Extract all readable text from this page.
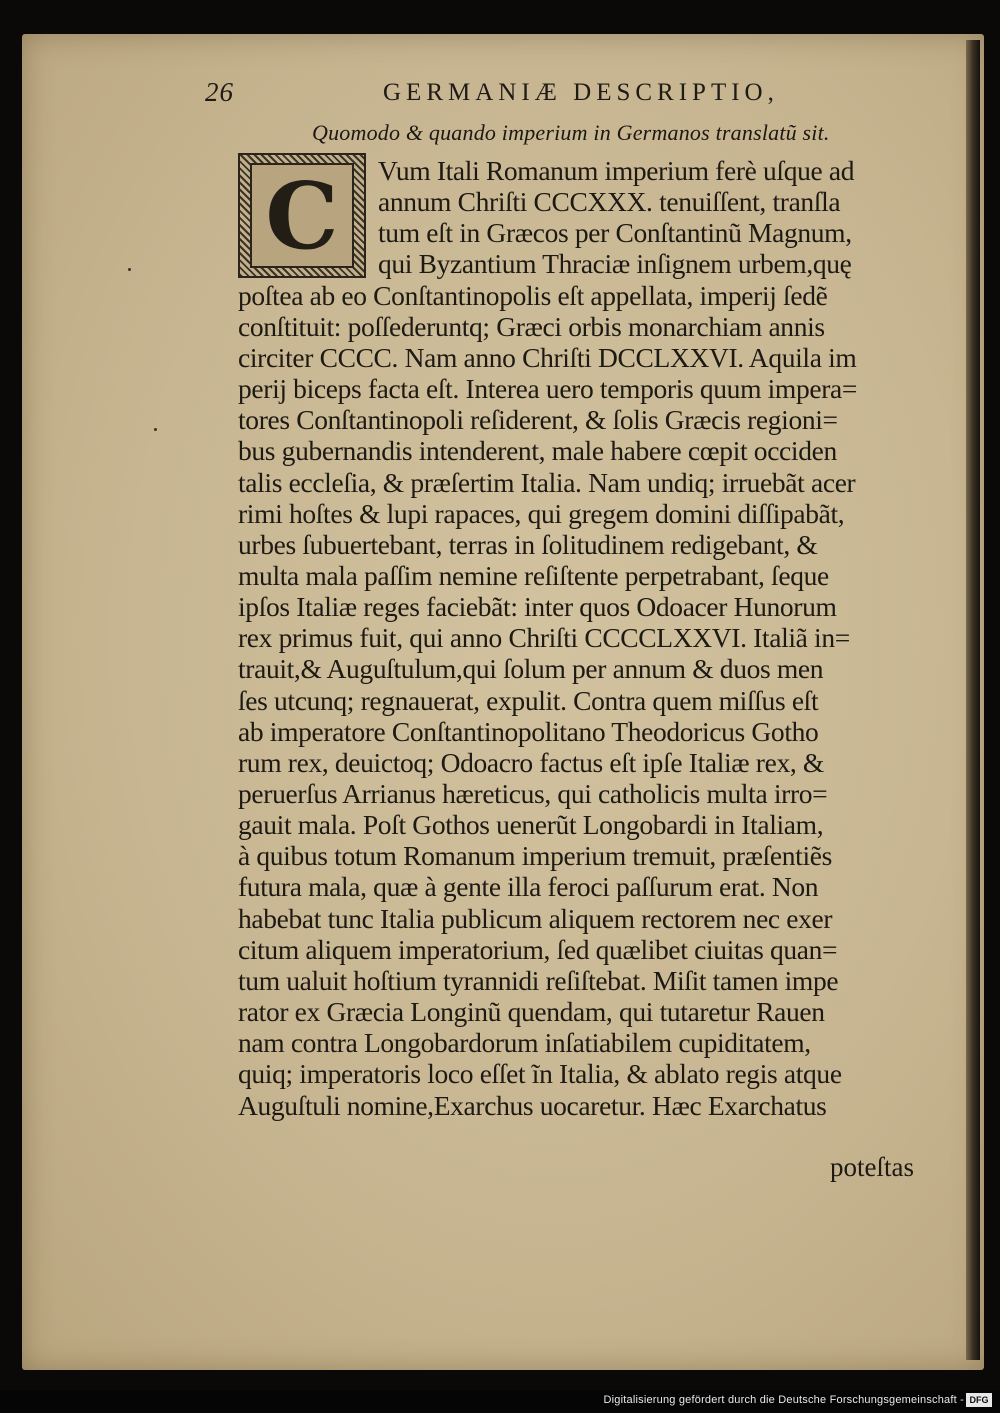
26	GERMANIÆ DESCRIPTIO,
Quomodo & quando imperium in Germanos translatũ sit.
C Vum Itali Romanum imperium ferè uſque ad
annum Chriſti CCCXXX. tenuiſſent, tranſla
tum eſt in Græcos per Conſtantinũ Magnum,
qui Byzantium Thraciæ inſignem urbem,quę
poſtea ab eo Conſtantinopolis eſt appellata, imperij ſedẽ
conſtituit: poſſederuntq; Græci orbis monarchiam annis
circiter CCCC. Nam anno Chriſti DCCLXXVI. Aquila im
perij biceps facta eſt. Interea uero temporis quum impera=
tores Conſtantinopoli reſiderent, & ſolis Græcis regioni=
bus gubernandis intenderent, male habere cœpit occiden
talis eccleſia, & præſertim Italia. Nam undiq; irruebãt acer
rimi hoſtes & lupi rapaces, qui gregem domini diſſipabãt,
urbes ſubuertebant, terras in ſolitudinem redigebant, &
multa mala paſſim nemine reſiſtente perpetrabant, ſeque
ipſos Italiæ reges faciebãt: inter quos Odoacer Hunorum
rex primus fuit, qui anno Chriſti CCCCLXXVI. Italiã in=
trauit,& Auguſtulum,qui ſolum per annum & duos men
ſes utcunq; regnauerat, expulit. Contra quem miſſus eſt
ab imperatore Conſtantinopolitano Theodoricus Gotho
rum rex, deuictoq; Odoacro factus eſt ipſe Italiæ rex, &
peruerſus Arrianus hæreticus, qui catholicis multa irro=
gauit mala. Poſt Gothos uenerũt Longobardi in Italiam,
à quibus totum Romanum imperium tremuit, præſentiẽs
futura mala, quæ à gente illa feroci paſſurum erat. Non
habebat tunc Italia publicum aliquem rectorem nec exer
citum aliquem imperatorium, ſed quælibet ciuitas quan=
tum ualuit hoſtium tyrannidi reſiſtebat. Miſit tamen impe
rator ex Græcia Longinũ quendam, qui tutaretur Rauen
nam contra Longobardorum inſatiabilem cupiditatem,
quiq; imperatoris loco eſſet ĩn Italia, & ablato regis atque
Auguſtuli nomine,Exarchus uocaretur. Hæc Exarchatus
poteſtas
Digitalisierung gefördert durch die Deutsche Forschungsgemeinschaft - DFG
